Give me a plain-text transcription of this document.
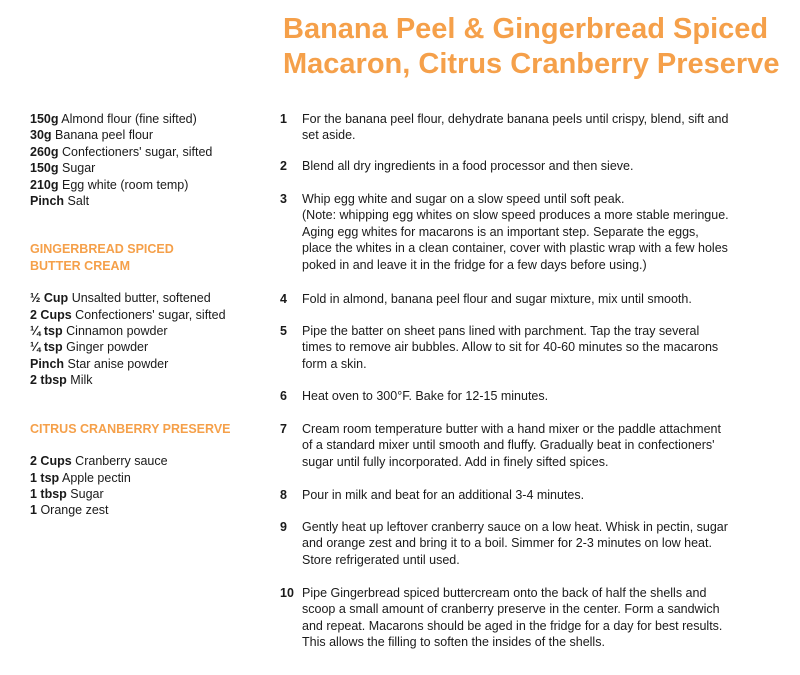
Banana Peel & Gingerbread Spiced
Macaron, Citrus Cranberry Preserve
150g Almond flour (fine sifted)
30g Banana peel flour
260g Confectioners' sugar, sifted
150g Sugar
210g Egg white (room temp)
Pinch Salt
GINGERBREAD SPICED
BUTTER CREAM
½ Cup Unsalted butter, softened
2 Cups Confectioners' sugar, sifted
¼ tsp Cinnamon powder
¼ tsp Ginger powder
Pinch Star anise powder
2 tbsp Milk
CITRUS CRANBERRY PRESERVE
2 Cups Cranberry sauce
1 tsp Apple pectin
1 tbsp Sugar
1 Orange zest
1	For the banana peel flour, dehydrate banana peels until crispy, blend, sift and
set aside.
2	Blend all dry ingredients in a food processor and then sieve.
3	Whip egg white and sugar on a slow speed until soft peak.
(Note: whipping egg whites on slow speed produces a more stable meringue.
Aging egg whites for macarons is an important step. Separate the eggs,
place the whites in a clean container, cover with plastic wrap with a few holes
poked in and leave it in the fridge for a few days before using.)
4	Fold in almond, banana peel flour and sugar mixture, mix until smooth.
5	Pipe the batter on sheet pans lined with parchment. Tap the tray several
times to remove air bubbles. Allow to sit for 40-60 minutes so the macarons
form a skin.
6	Heat oven to 300°F. Bake for 12-15 minutes.
7	Cream room temperature butter with a hand mixer or the paddle attachment
of a standard mixer until smooth and fluffy. Gradually beat in confectioners'
sugar until fully incorporated. Add in finely sifted spices.
8	Pour in milk and beat for an additional 3-4 minutes.
9	Gently heat up leftover cranberry sauce on a low heat. Whisk in pectin, sugar
and orange zest and bring it to a boil. Simmer for 2-3 minutes on low heat.
Store refrigerated until used.
10 Pipe Gingerbread spiced buttercream onto the back of half the shells and
scoop a small amount of cranberry preserve in the center. Form a sandwich
and repeat. Macarons should be aged in the fridge for a day for best results.
This allows the filling to soften the insides of the shells.
